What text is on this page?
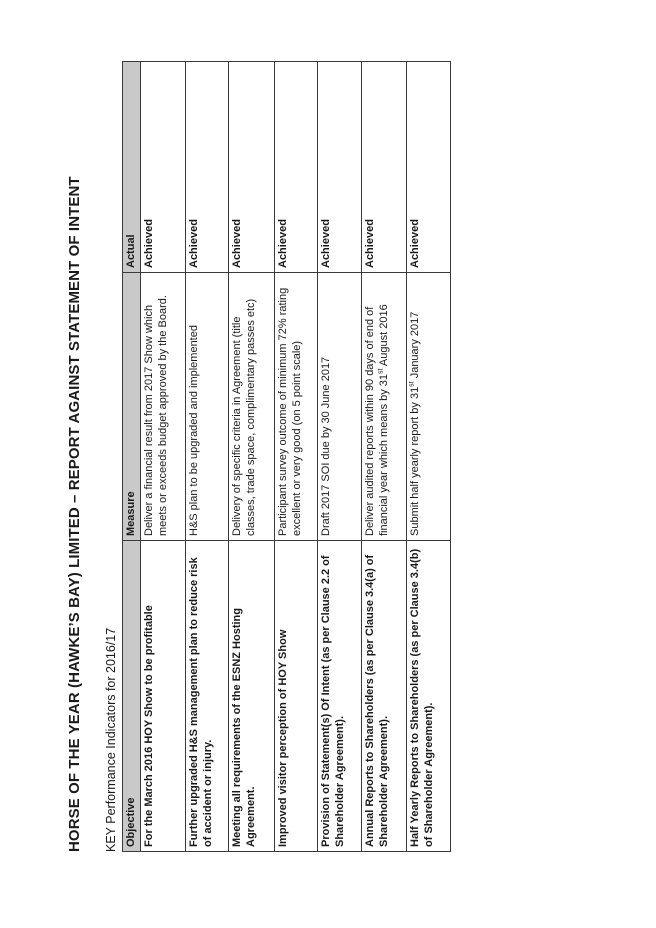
HORSE OF THE YEAR (HAWKE’S BAY) LIMITED – REPORT AGAINST STATEMENT OF INTENT KEY Performance Indicators for 2016/17 Objective	Measure	Actual
For the March 2016 HOY Show to be profitable	Deliver a financial result from 2017 Show which meets or exceeds budget approved by the Board.	Achieved
Further upgraded H&S management plan to reduce risk of accident or injury.	H&S plan to be upgraded and implemented	Achieved
Meeting all requirements of the ESNZ Hosting Agreement.	Delivery of specific criteria in Agreement (title classes, trade space, complimentary passes etc)	Achieved
Improved visitor perception of HOY Show	Participant survey outcome of minimum 72% rating excellent or very good (on 5 point scale)	Achieved
Provision of Statement(s) Of Intent (as per Clause 2.2 of Shareholder Agreement).	Draft 2017 SOI due by 30 June 2017	Achieved
Annual Reports to Shareholders (as per Clause 3.4(a) of Shareholder Agreement).	Deliver audited reports within 90 days of end of financial year which means by 31st August 2016	Achieved
Half Yearly Reports to Shareholders (as per Clause 3.4(b) of Shareholder Agreement).	Submit half yearly report by 31st January 2017	Achieved
